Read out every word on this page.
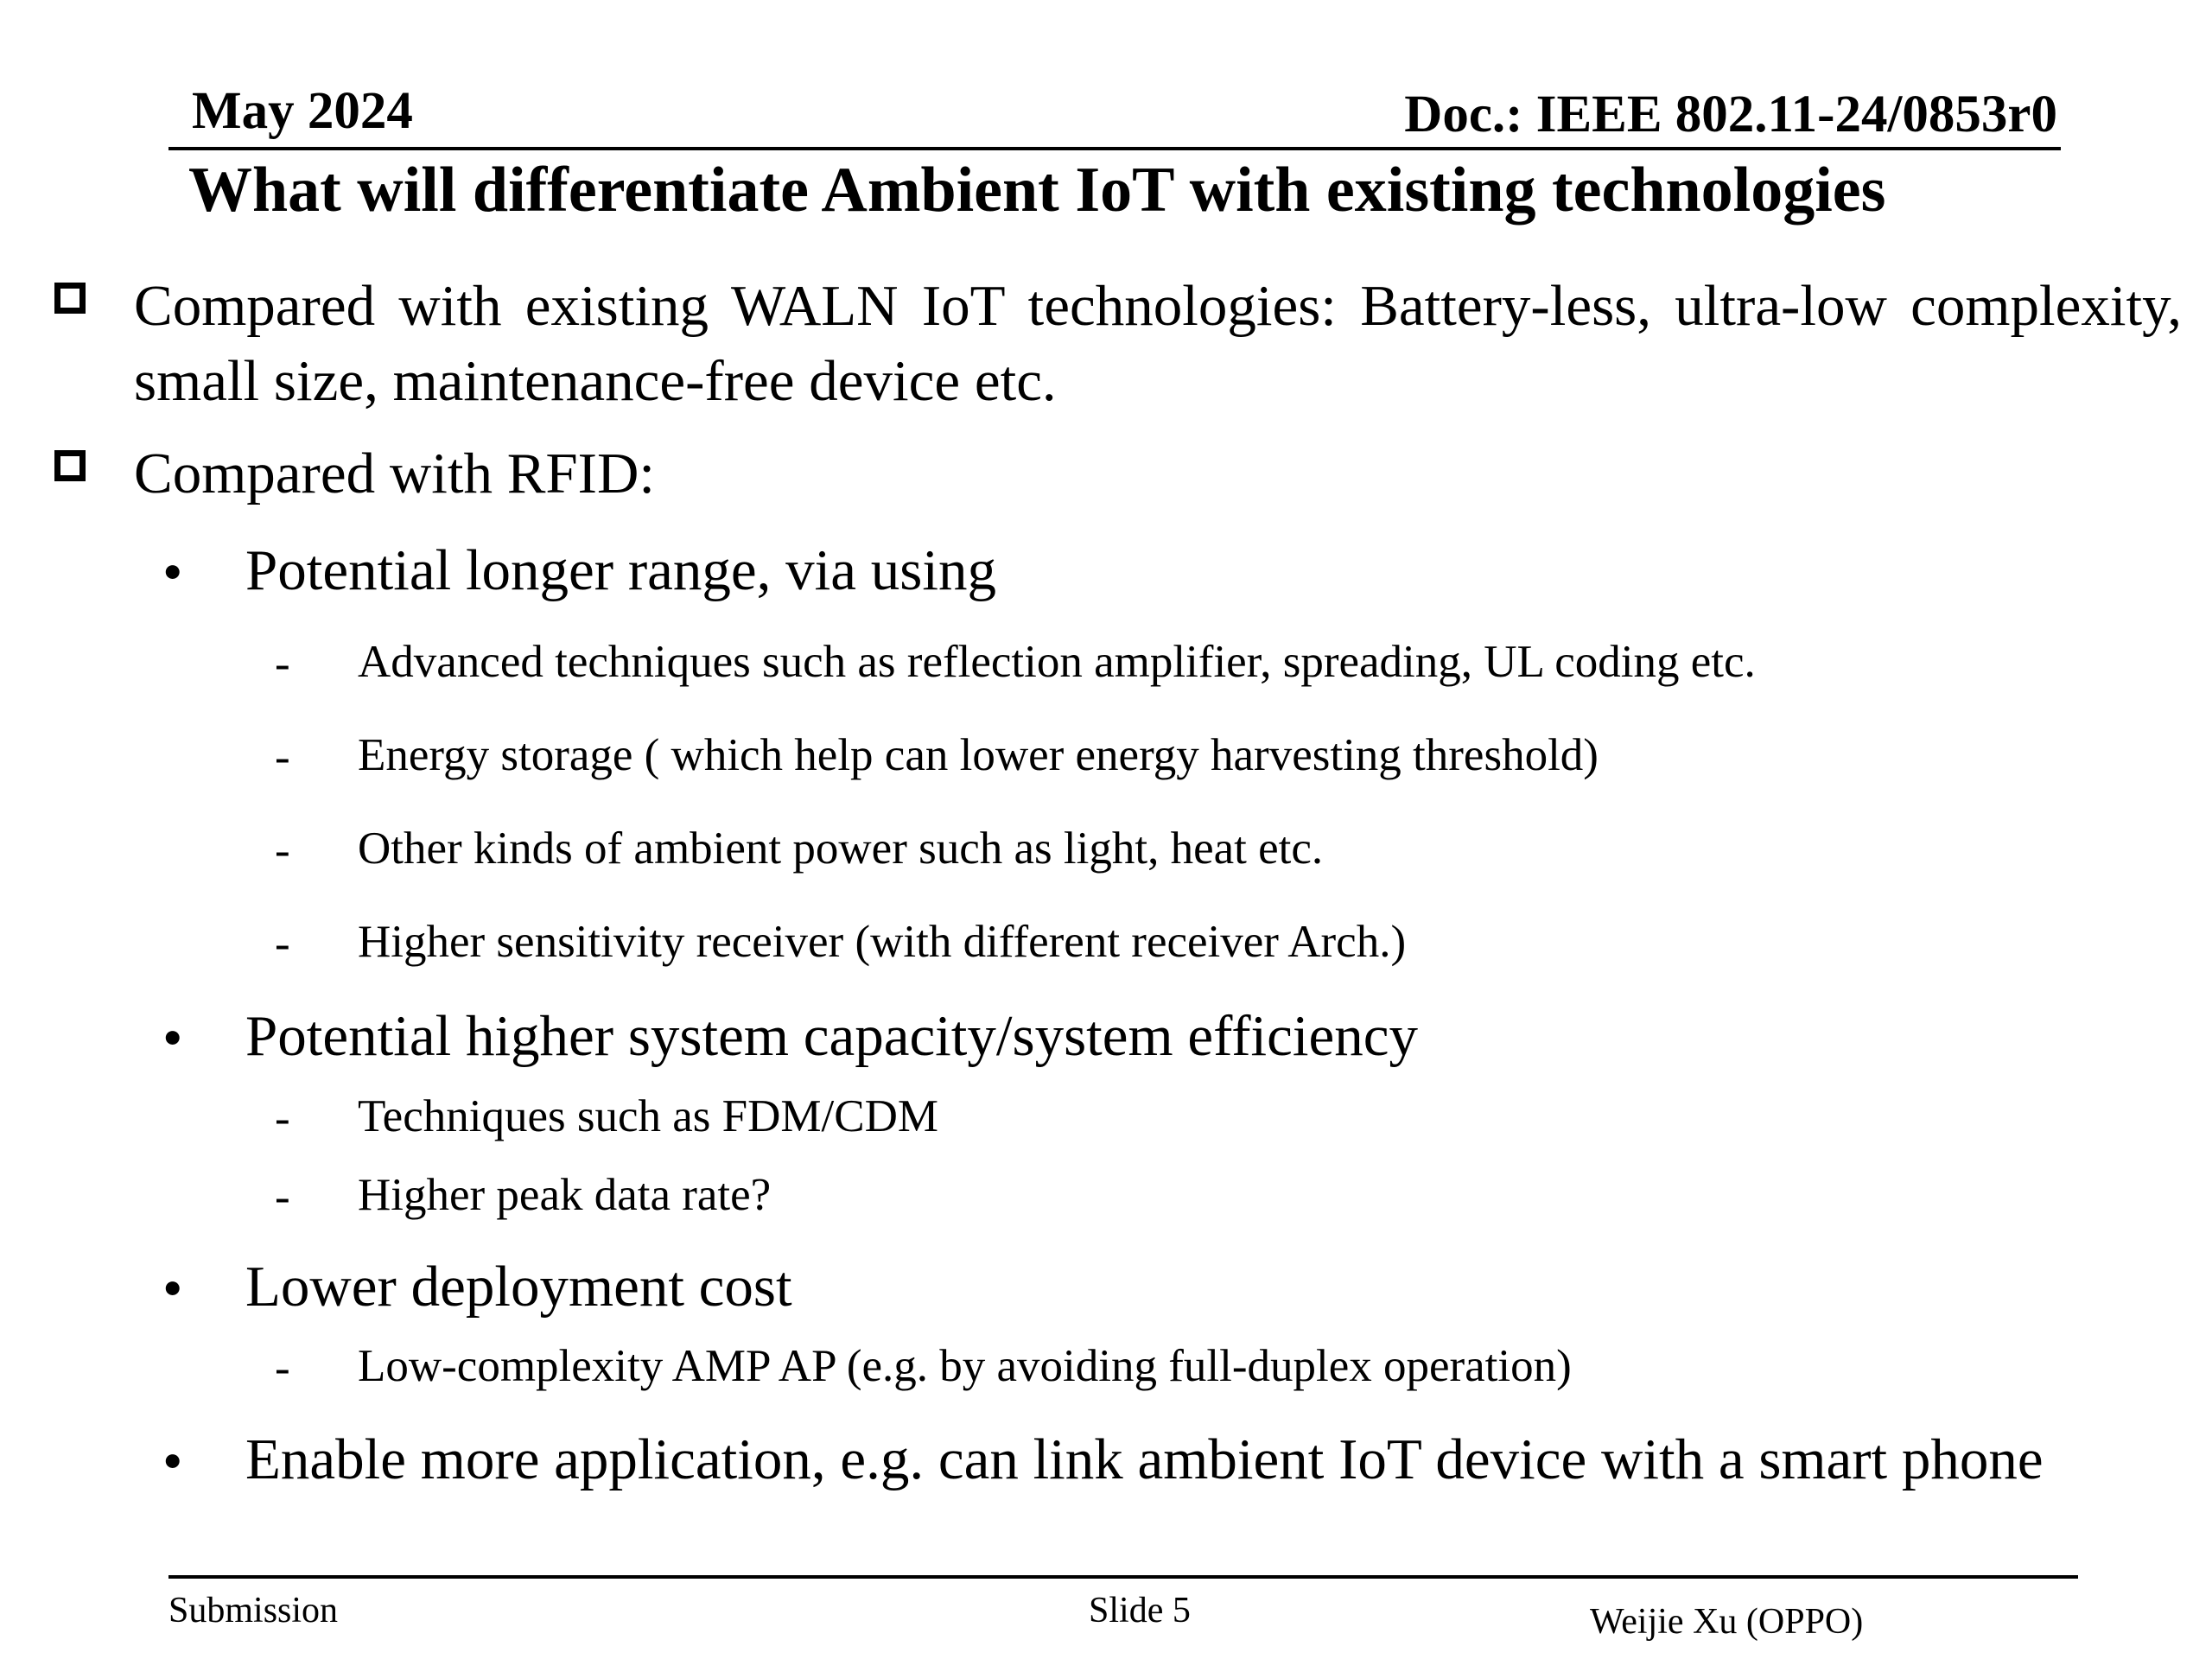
May 2024	Doc.: IEEE 802.11-24/0853r0
What will differentiate Ambient IoT with existing technologies
Compared with existing WALN IoT technologies: Battery-less, ultra-low complexity, small size, maintenance-free device etc.
Compared with RFID:
• Potential longer range, via using
- Advanced techniques such as reflection amplifier, spreading, UL coding etc.
- Energy storage ( which help can lower energy harvesting threshold)
- Other kinds of ambient power such as light, heat etc.
- Higher sensitivity receiver (with different receiver Arch.)
• Potential higher system capacity/system efficiency
- Techniques such as FDM/CDM
- Higher peak data rate?
• Lower deployment cost
- Low-complexity AMP AP (e.g. by avoiding full-duplex operation)
• Enable more application, e.g. can link ambient IoT device with a smart phone
Submission	Slide 5	Weijie Xu (OPPO)
